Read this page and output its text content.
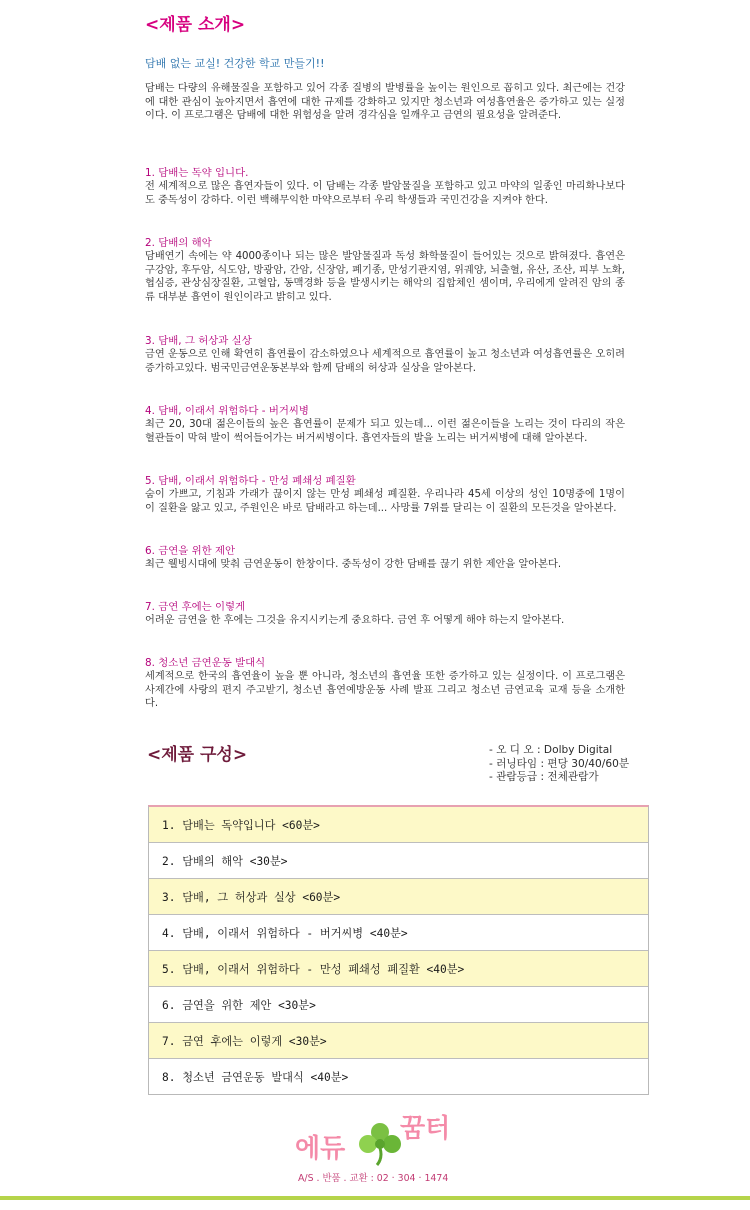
<제품 소개>
담배 없는 교실! 건강한 학교 만들기!!
담배는 다량의 유해물질을 포함하고 있어 각종 질병의 발병률을 높이는 원인으로 꼽히고 있다. 최근에는 건강에 대한 관심이 높아지면서 흡연에 대한 규제를 강화하고 있지만 청소년과 여성흡연율은 증가하고 있는 실정이다. 이 프로그램은 담배에 대한 위험성을 알려 경각심을 일깨우고 금연의 필요성을 알려준다.
1. 담배는 독약 입니다.
전 세계적으로 많은 흡연자들이 있다. 이 담배는 각종 발암물질을 포함하고 있고 마약의 일종인 마리화나보다도 중독성이 강하다. 이런 백해무익한 마약으로부터 우리 학생들과 국민건강을 지켜야 한다.
2. 담배의 해악
담배연기 속에는 약 4000종이나 되는 많은 발암물질과 독성 화학물질이 들어있는 것으로 밝혀졌다. 흡연은 구강암, 후두암, 식도암, 방광암, 간암, 신장암, 폐기종, 만성기관지염, 위궤양, 뇌출혈, 유산, 조산, 피부 노화, 협심증, 관상심장질환, 고혈압, 동맥경화 등을 발생시키는 해악의 집합체인 셈이며, 우리에게 알려진 암의 종류 대부분 흡연이 원인이라고 밝히고 있다.
3. 담배, 그 허상과 실상
금연 운동으로 인해 확연히 흡연률이 감소하였으나 세계적으로 흡연률이 높고 청소년과 여성흡연률은 오히려 증가하고있다. 범국민금연운동본부와 함께 담배의 허상과 실상을 알아본다.
4. 담배, 이래서 위험하다 - 버거씨병
최근 20, 30대 젊은이들의 높은 흡연률이 문제가 되고 있는데... 이런 젊은이들을 노리는 것이 다리의 작은 혈관들이 막혀 발이 썩어들어가는 버거씨병이다. 흡연자들의 발을 노리는 버거씨병에 대해 알아본다.
5. 담배, 이래서 위험하다 - 만성 폐쇄성 폐질환
숨이 가쁘고, 기침과 가래가 끊이지 않는 만성 폐쇄성 폐질환. 우리나라 45세 이상의 성인 10명중에 1명이 이 질환을 앓고 있고, 주원인은 바로 담배라고 하는데... 사망률 7위를 달리는 이 질환의 모든것을 알아본다.
6. 금연을 위한 제안
최근 웰빙시대에 맞춰 금연운동이 한창이다. 중독성이 강한 담배를 끊기 위한 제안을 알아본다.
7. 금연 후에는 이렇게
어려운 금연을 한 후에는 그것을 유지시키는게 중요하다. 금연 후 어떻게 해야 하는지 알아본다.
8. 청소년 금연운동 발대식
세계적으로 한국의 흡연율이 높을 뿐 아니라, 청소년의 흡연율 또한 증가하고 있는 실정이다. 이 프로그램은 사제간에 사랑의 편지 주고받기, 청소년 흡연예방운동 사례 발표 그리고 청소년 금연교육 교재 등을 소개한다.
<제품 구성>	- 오 디 오 : Dolby Digital
- 러닝타임 : 편당 30/40/60분
- 관람등급 : 전체관람가
1. 담배는 독약입니다 <60분>
2. 담배의 해악 <30분>
3. 담배, 그 허상과 실상 <60분>
4. 담배, 이래서 위험하다 - 버거씨병 <40분>
5. 담배, 이래서 위험하다 - 만성 폐쇄성 폐질환 <40분>
6. 금연을 위한 제안 <30분>
7. 금연 후에는 이렇게 <30분>
8. 청소년 금연운동 발대식 <40분>
에듀
꿈터
A/S . 반품 . 교환 : 02 · 304 · 1474
